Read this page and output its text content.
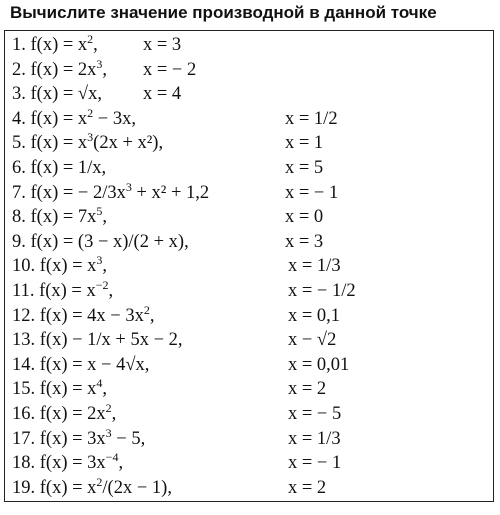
Вычислите значение производной в данной точке
1. $f(x) = x^2$, x = 3
2. $f(x) = 2x^3$, x = − 2
3. f(x) = √x, x = 4
4. $f(x) = x^2 - 3x$,	x = 1/2
5. $f(x) = x^3(2x + x^2)$,	x = 1
6. f(x) = 1/x,	x = 5
7. f(x) = − $2/3x^3 + x^2 + 1,2$	x = − 1
8. $f(x) = 7x^5$,	x = 0
9. f(x) = (3 − x)/(2 + x),	x = 3
10. $f(x) = x^3$,	x = 1/3
11. $f(x) = x^{-2}$,	x = − 1/2
12. $f(x) = 4x - 3x^2$,	x = 0,1
13. f(x) − 1/x + 5x − 2,	x − √2
14. f(x) = x − 4√x,	x = 0,01
15. $f(x) = x^4$,	x = 2
16. $f(x) = 2x^2$,	x = − 5
17. $f(x) = 3x^3 - 5$,	x = 1/3
18. $f(x) = 3x^{-4}$,	x = − 1
19. $f(x) = x^2/(2x - 1)$,	x = 2
